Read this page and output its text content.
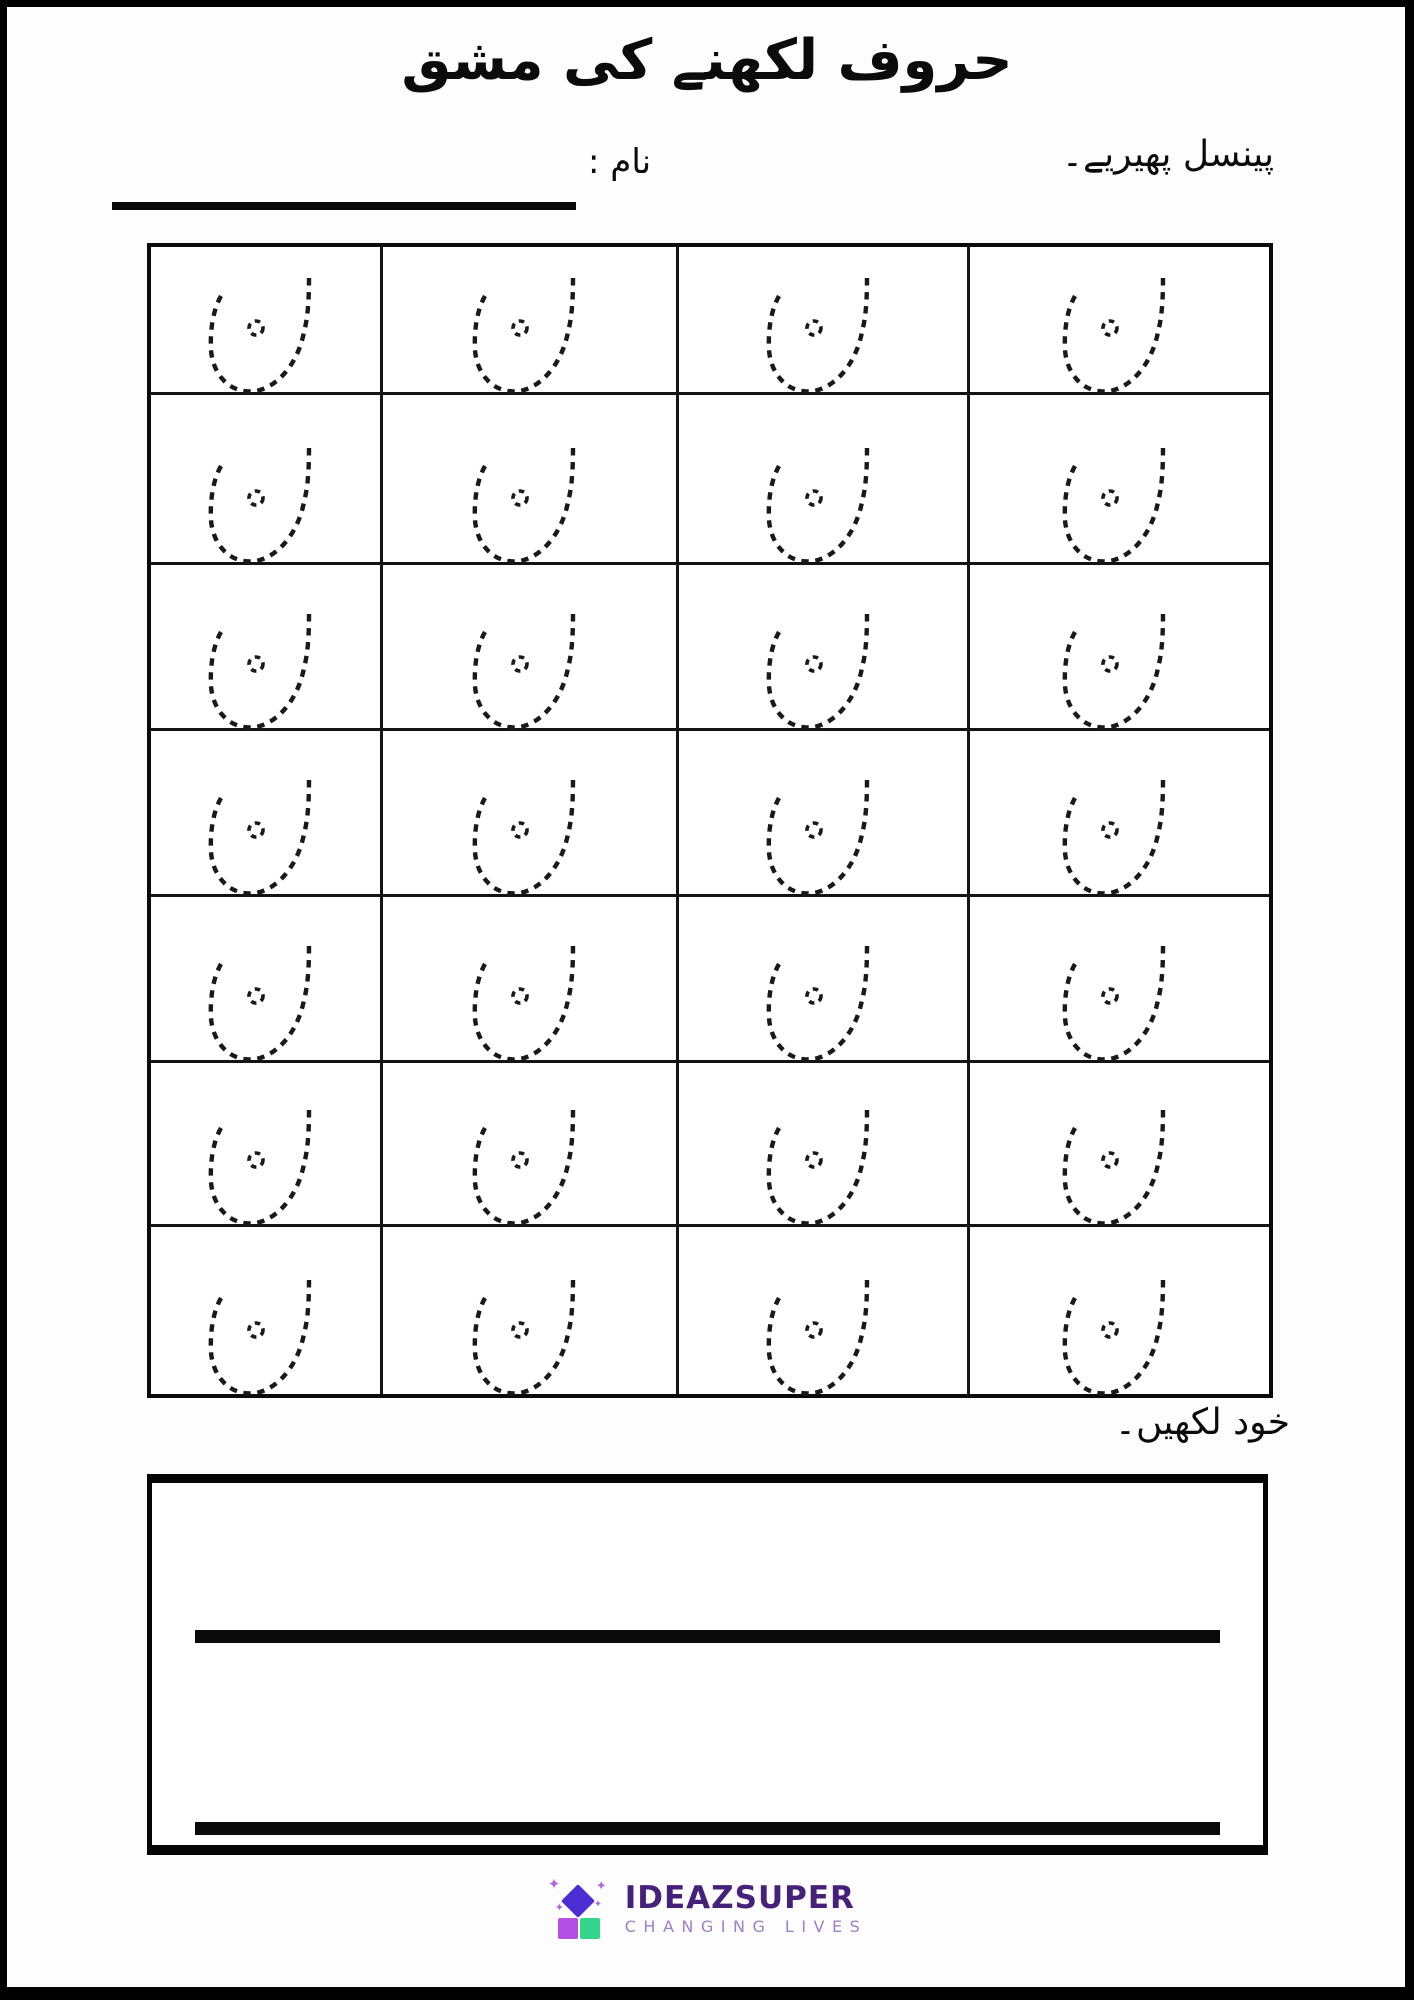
حروف لکھنے کی مشق
پینسل پھیریے۔
نام :
خود لکھیں۔
✦	✦
✦	✦ IDEAZSUPER
CHANGING LIVES
